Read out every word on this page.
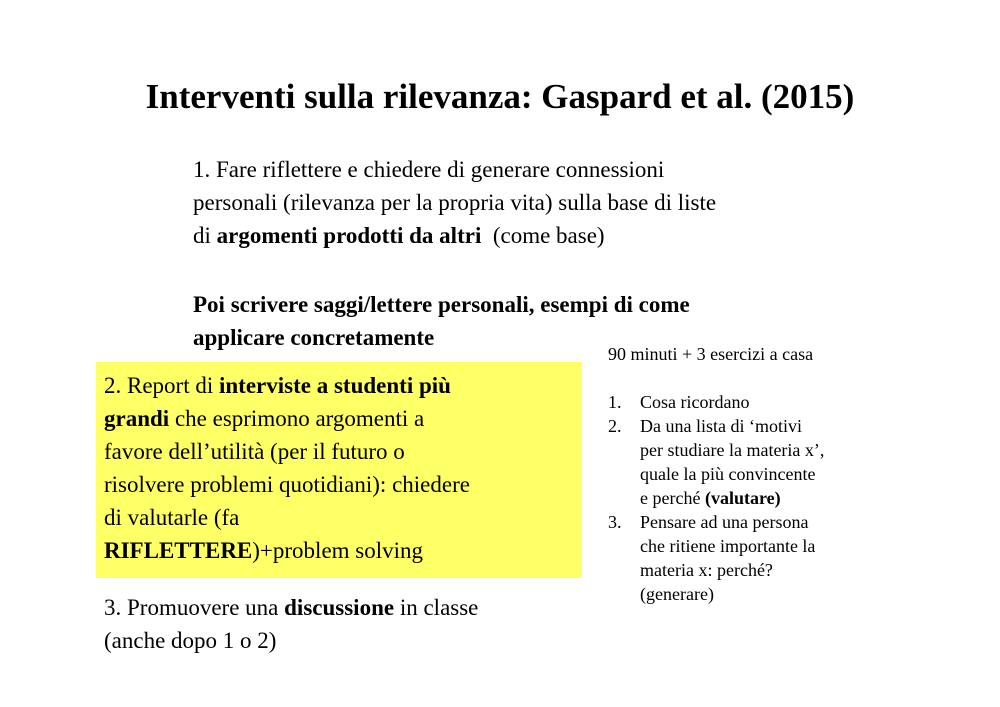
Interventi sulla rilevanza: Gaspard et al. (2015)
1. Fare riflettere e chiedere di generare connessioni
personali (rilevanza per la propria vita) sulla base di liste
di argomenti prodotti da altri  (come base)
Poi scrivere saggi/lettere personali, esempi di come
applicare concretamente
2. Report di interviste a studenti più
grandi che esprimono argomenti a
favore dell’utilità (per il futuro o
risolvere problemi quotidiani): chiedere
di valutarle (fa
RIFLETTERE)+problem solving
3. Promuovere una discussione in classe
(anche dopo 1 o 2)

90 minuti + 3 esercizi a casa

1. Cosa ricordano
2. Da una lista di ‘motivi
per studiare la materia x’,
quale la più convincente
e perché (valutare)
3. Pensare ad una persona
che ritiene importante la
materia x: perché?
(generare)
